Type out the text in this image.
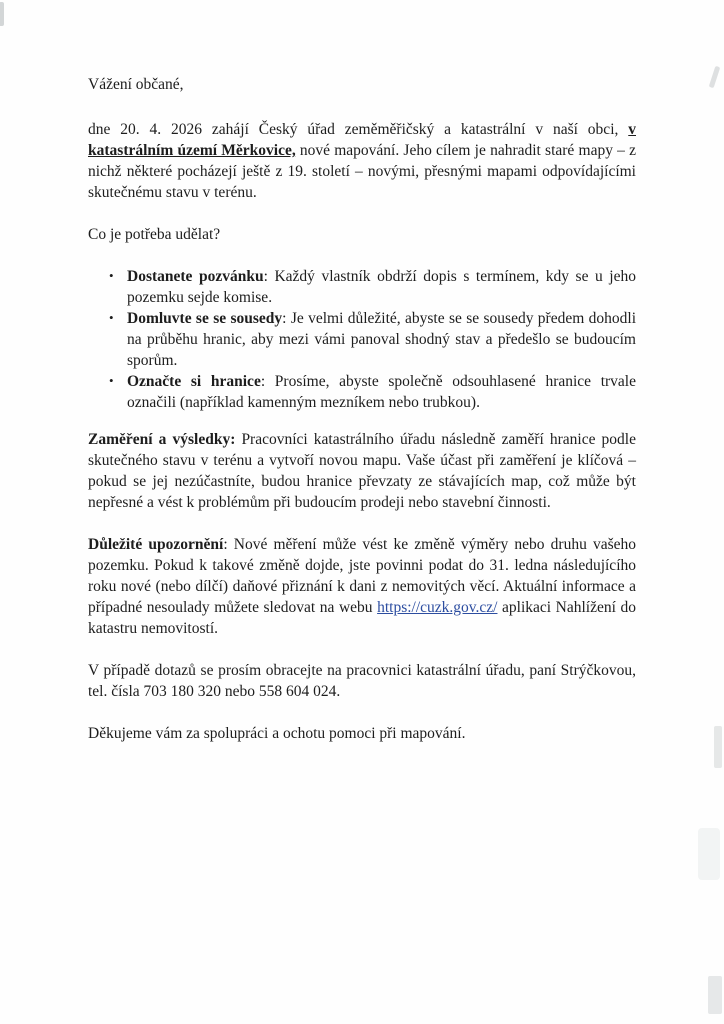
Vážení občané,

dne 20. 4. 2026 zahájí Český úřad zeměměřičský a katastrální v naší obci, v katastrálním území Měrkovice, nové mapování. Jeho cílem je nahradit staré mapy – z nichž některé pocházejí ještě z 19. století – novými, přesnými mapami odpovídajícími skutečnému stavu v terénu.

Co je potřeba udělat?

• Dostanete pozvánku: Každý vlastník obdrží dopis s termínem, kdy se u jeho pozemku sejde komise.
• Domluvte se se sousedy: Je velmi důležité, abyste se se sousedy předem dohodli na průběhu hranic, aby mezi vámi panoval shodný stav a předešlo se budoucím sporům.
• Označte si hranice: Prosíme, abyste společně odsouhlasené hranice trvale označili (například kamenným mezníkem nebo trubkou).

Zaměření a výsledky: Pracovníci katastrálního úřadu následně zaměří hranice podle skutečného stavu v terénu a vytvoří novou mapu. Vaše účast při zaměření je klíčová – pokud se jej nezúčastníte, budou hranice převzaty ze stávajících map, což může být nepřesné a vést k problémům při budoucím prodeji nebo stavební činnosti.

Důležité upozornění: Nové měření může vést ke změně výměry nebo druhu vašeho pozemku. Pokud k takové změně dojde, jste povinni podat do 31. ledna následujícího roku nové (nebo dílčí) daňové přiznání k dani z nemovitých věcí. Aktuální informace a případné nesoulady můžete sledovat na webu https://cuzk.gov.cz/ aplikaci Nahlížení do katastru nemovitostí.

V případě dotazů se prosím obracejte na pracovnici katastrální úřadu, paní Strýčkovou, tel. čísla 703 180 320 nebo 558 604 024.

Děkujeme vám za spolupráci a ochotu pomoci při mapování.
